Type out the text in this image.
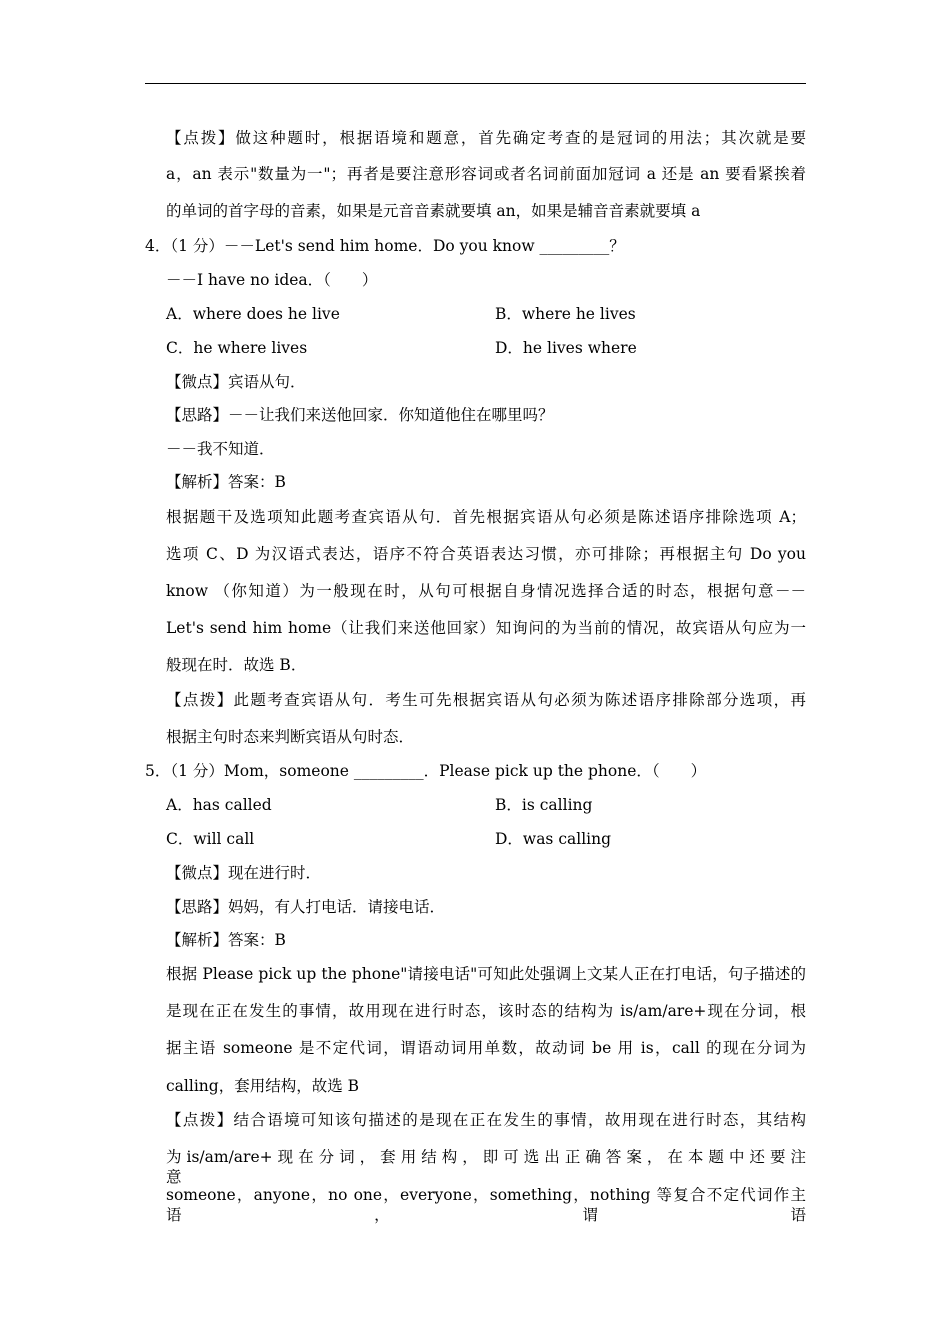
【点拨】做这种题时，根据语境和题意，首先确定考查的是冠词的用法；其次就是要
a，an 表示"数量为一"；再者是要注意形容词或者名词前面加冠词 a 还是 an 要看紧挨着
的单词的首字母的音素，如果是元音音素就要填 an，如果是辅音音素就要填 a
4．（1 分）－－Let's send him home．Do you know _________？
－－I have no idea．（　　）
A．where does he live	B．where he lives
C．he where lives	D．he lives where
【微点】宾语从句．
【思路】－－让我们来送他回家．你知道他住在哪里吗？
－－我不知道．
【解析】答案：B
根据题干及选项知此题考查宾语从句．首先根据宾语从句必须是陈述语序排除选项 A；
选项 C、D 为汉语式表达，语序不符合英语表达习惯，亦可排除；再根据主句 Do you
know （你知道）为一般现在时，从句可根据自身情况选择合适的时态，根据句意－－
Let's send him home（让我们来送他回家）知询问的为当前的情况，故宾语从句应为一
般现在时．故选 B．
【点拨】此题考查宾语从句．考生可先根据宾语从句必须为陈述语序排除部分选项，再
根据主句时态来判断宾语从句时态．
5．（1 分）Mom，someone _________．Please pick up the phone．（　　）
A．has called	B．is calling
C．will call	D．was calling
【微点】现在进行时．
【思路】妈妈，有人打电话．请接电话．
【解析】答案：B
根据 Please pick up the phone"请接电话"可知此处强调上文某人正在打电话，句子描述的
是现在正在发生的事情，故用现在进行时态，该时态的结构为 is/am/are+现在分词，根
据主语 someone 是不定代词，谓语动词用单数，故动词 be 用 is，call 的现在分词为
calling，套用结构，故选 B
【点拨】结合语境可知该句描述的是现在正在发生的事情，故用现在进行时态，其结构
为 is/am/are+ 现 在 分 词 ， 套 用 结 构 ， 即 可 选 出 正 确 答 案 ， 在 本 题 中 还 要 注 意
someone，anyone，no one，everyone，something，nothing 等复合不定代词作主语，谓语
